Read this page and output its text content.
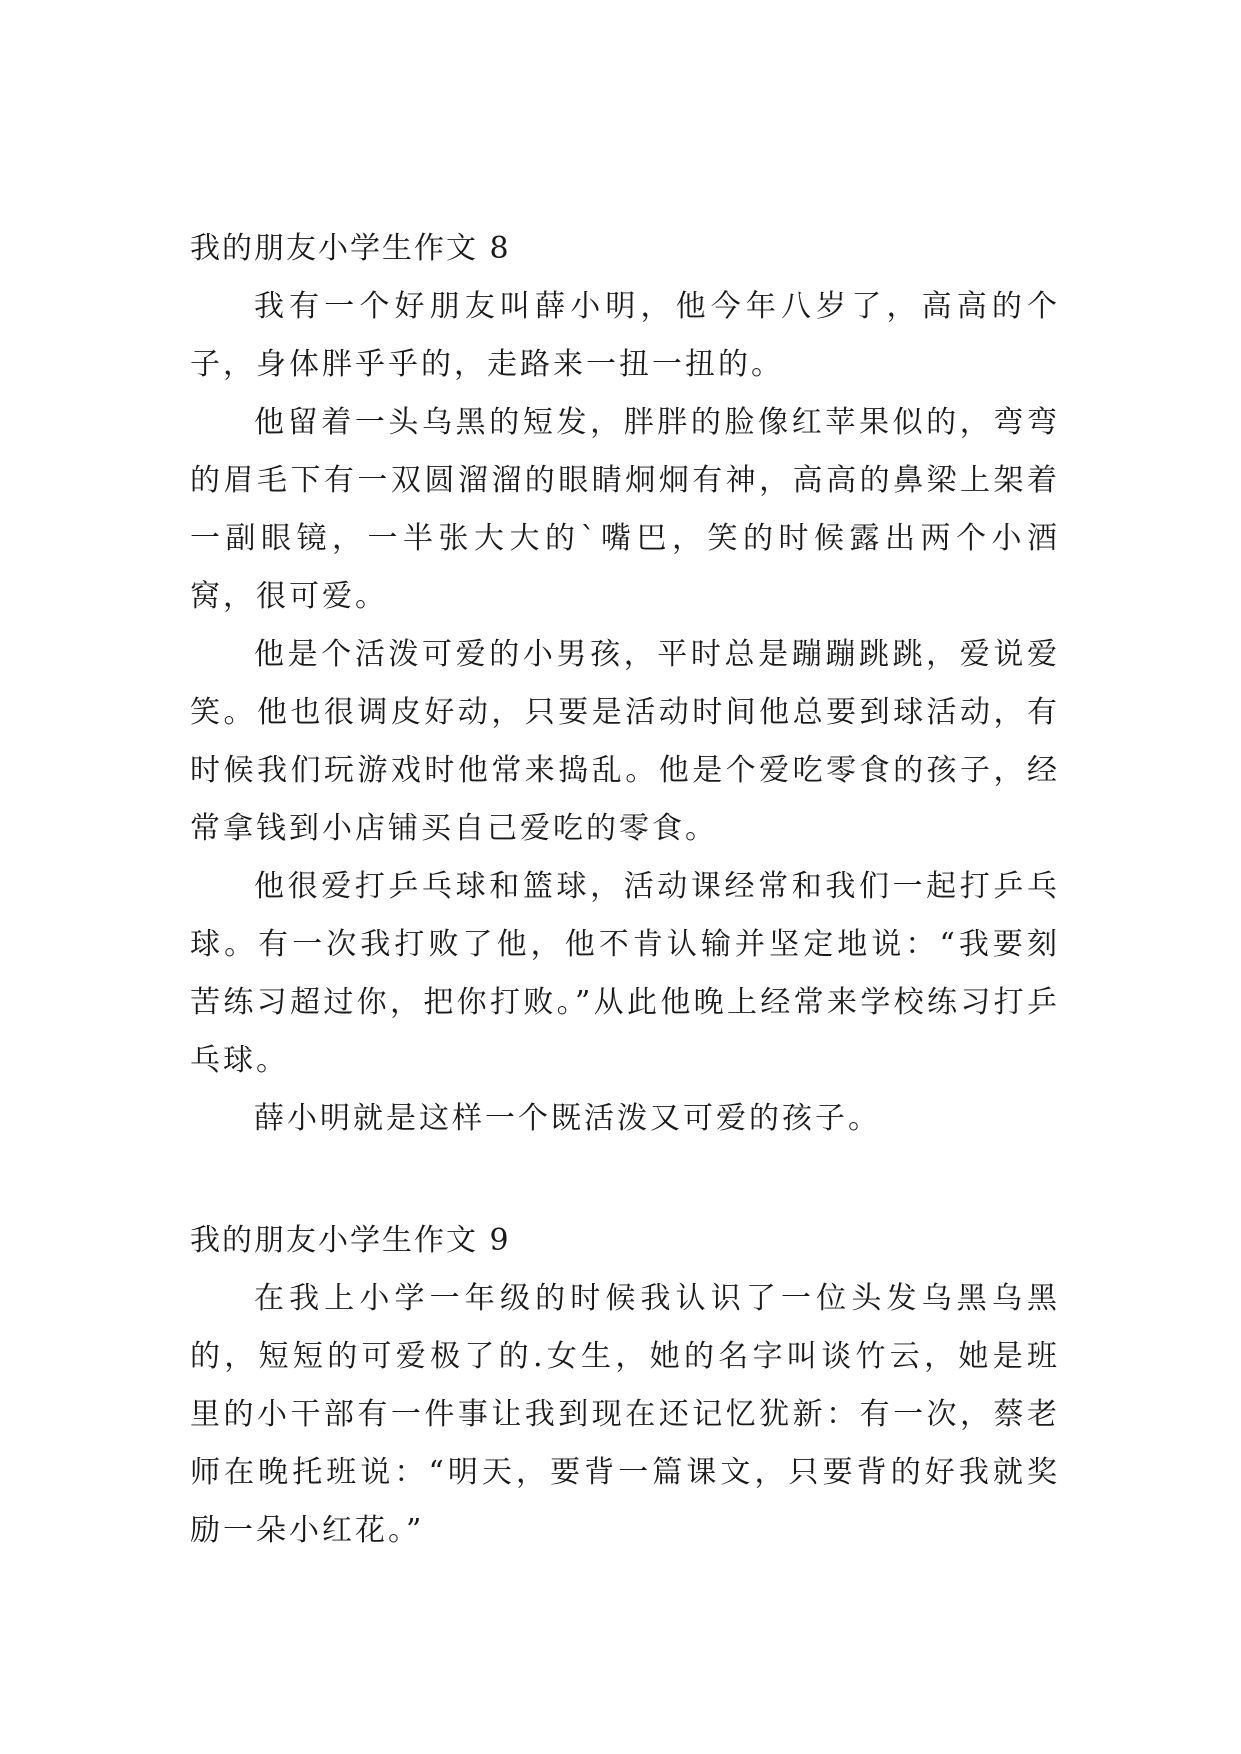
我的朋友小学生作文 8

我有一个好朋友叫薛小明，他今年八岁了，高高的个子，身体胖乎乎的，走路来一扭一扭的。

他留着一头乌黑的短发，胖胖的脸像红苹果似的，弯弯的眉毛下有一双圆溜溜的眼睛炯炯有神，高高的鼻梁上架着一副眼镜，一半张大大的`嘴巴，笑的时候露出两个小酒窝，很可爱。

他是个活泼可爱的小男孩，平时总是蹦蹦跳跳，爱说爱笑。他也很调皮好动，只要是活动时间他总要到球活动，有时候我们玩游戏时他常来捣乱。他是个爱吃零食的孩子，经常拿钱到小店铺买自己爱吃的零食。

他很爱打乒乓球和篮球，活动课经常和我们一起打乒乓球。有一次我打败了他，他不肯认输并坚定地说：“我要刻苦练习超过你，把你打败。”从此他晚上经常来学校练习打乒乓球。

薛小明就是这样一个既活泼又可爱的孩子。

我的朋友小学生作文 9

在我上小学一年级的时候我认识了一位头发乌黑乌黑的，短短的可爱极了的.女生，她的名字叫谈竹云，她是班里的小干部有一件事让我到现在还记忆犹新：有一次，蔡老师在晚托班说：“明天，要背一篇课文，只要背的好我就奖励一朵小红花。”
